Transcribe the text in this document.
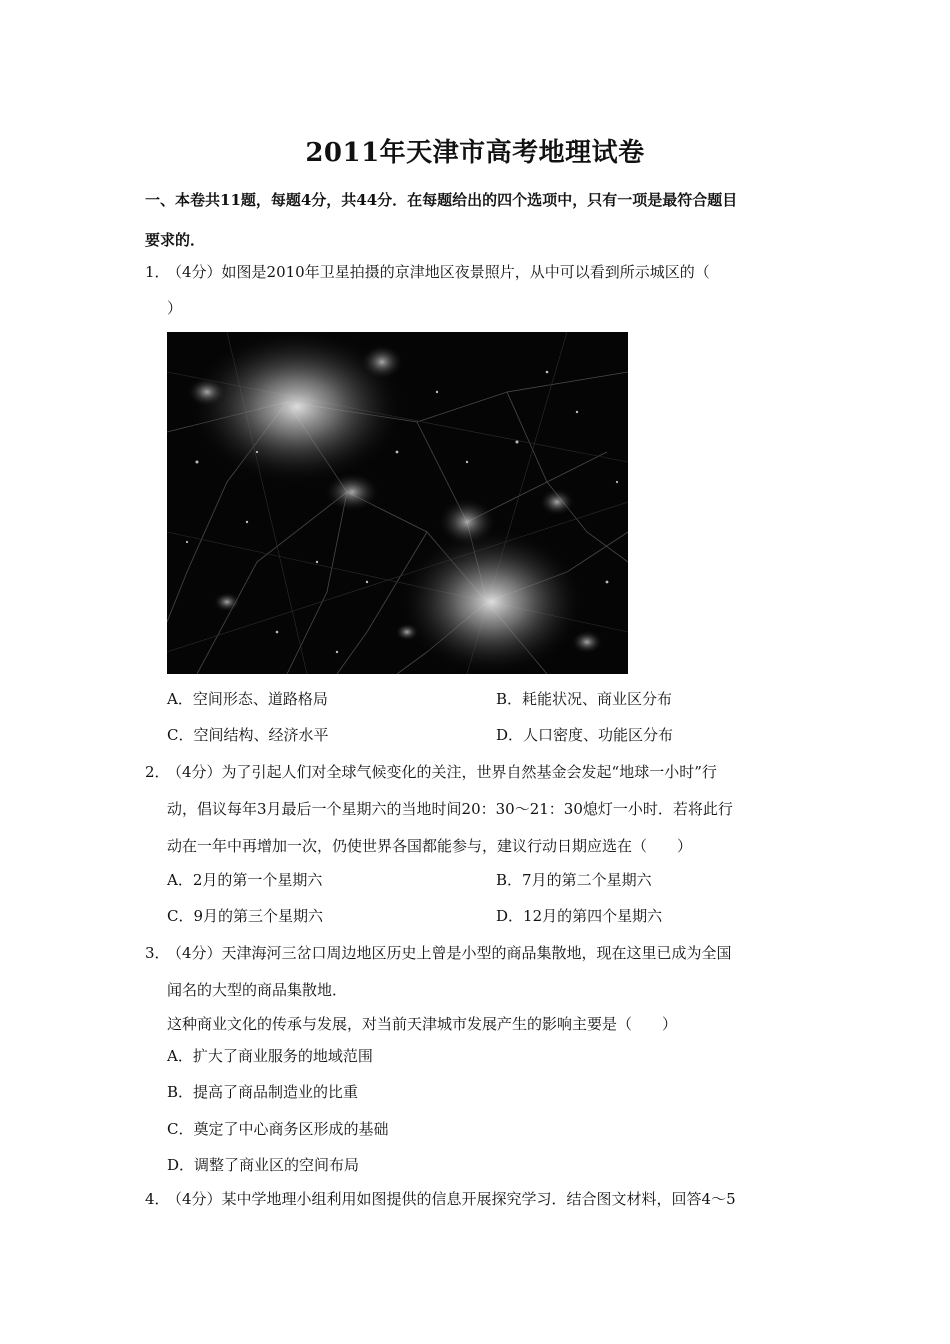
2011年天津市高考地理试卷
一、本卷共11题，每题4分，共44分．在每题给出的四个选项中，只有一项是最符合题目
要求的．
1．
（4分）如图是2010年卫星拍摄的京津地区夜景照片，从中可以看到所示城区的（
）
A．空间形态、道路格局	B．耗能状况、商业区分布
C．空间结构、经济水平	D．人口密度、功能区分布
2．
（4分）为了引起人们对全球气候变化的关注，世界自然基金会发起“地球一小时”行
动，倡议每年3月最后一个星期六的当地时间20：30～21：30熄灯一小时．若将此行
动在一年中再增加一次，仍使世界各国都能参与，建议行动日期应选在（　　）
A．2月的第一个星期六	B．7月的第二个星期六
C．9月的第三个星期六	D．12月的第四个星期六
3．
（4分）天津海河三岔口周边地区历史上曾是小型的商品集散地，现在这里已成为全国
闻名的大型的商品集散地．
这种商业文化的传承与发展，对当前天津城市发展产生的影响主要是（　　）
A．扩大了商业服务的地域范围
B．提高了商品制造业的比重
C．奠定了中心商务区形成的基础
D．调整了商业区的空间布局
4．
（4分）某中学地理小组利用如图提供的信息开展探究学习．结合图文材料，回答4～5
